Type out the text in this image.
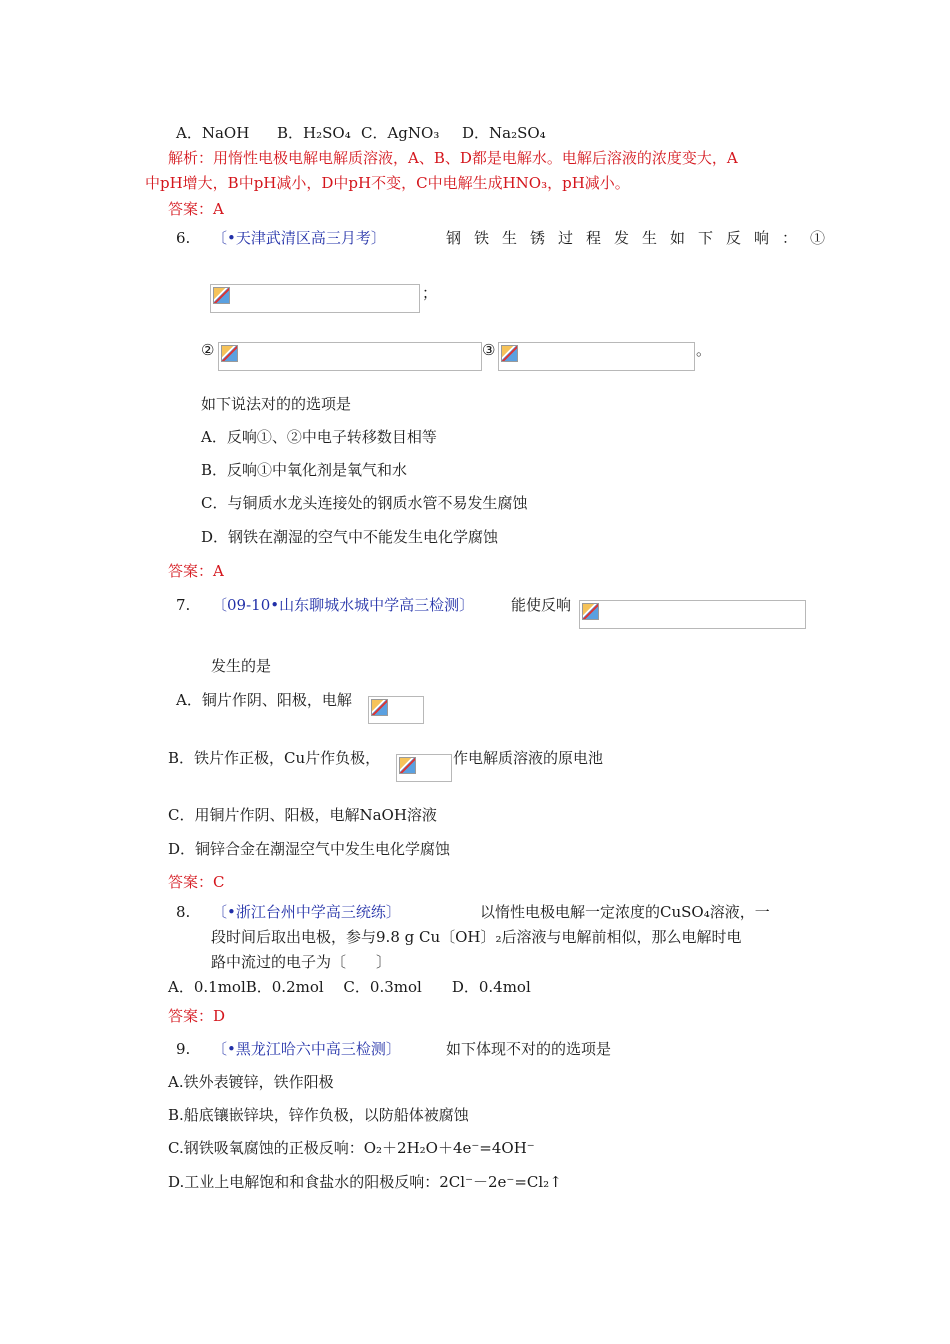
A．NaOH B．H₂SO₄ C．AgNO₃ D．Na₂SO₄
解析：用惰性电极电解电解质溶液，A、B、D都是电解水。电解后溶液的浓度变大，A
中pH增大，B中pH减小，D中pH不变，C中电解生成HNO₃，pH减小。
答案：A
6. 〔•天津武清区高三月考〕	钢铁生锈过程发生如下反响：①
；
②	③	。
如下说法对的的选项是
A．反响①、②中电子转移数目相等
B．反响①中氧化剂是氧气和水
C．与铜质水龙头连接处的钢质水管不易发生腐蚀
D．钢铁在潮湿的空气中不能发生电化学腐蚀
答案：A
7. 〔09-10•山东聊城水城中学高三检测〕 能使反响
发生的是
A．铜片作阴、阳极，电解
B．铁片作正极，Cu片作负极，	作电解质溶液的原电池
C．用铜片作阴、阳极，电解NaOH溶液
D．铜锌合金在潮湿空气中发生电化学腐蚀
答案：C
8. 〔•浙江台州中学高三统练〕	以惰性电极电解一定浓度的CuSO₄溶液，一
段时间后取出电极，参与9.8 g Cu〔OH〕₂后溶液与电解前相似，那么电解时电
路中流过的电子为〔　　〕
A．0.1molB．0.2mol　 C．0.3mol　　D．0.4mol
答案：D
9. 〔•黑龙江哈六中高三检测〕	如下体现不对的的选项是
A.铁外表镀锌，铁作阳极
B.船底镶嵌锌块，锌作负极，以防船体被腐蚀
C.钢铁吸氧腐蚀的正极反响：O₂＋2H₂O＋4e⁻=4OH⁻
D.工业上电解饱和和食盐水的阳极反响：2Cl⁻－2e⁻=Cl₂↑
